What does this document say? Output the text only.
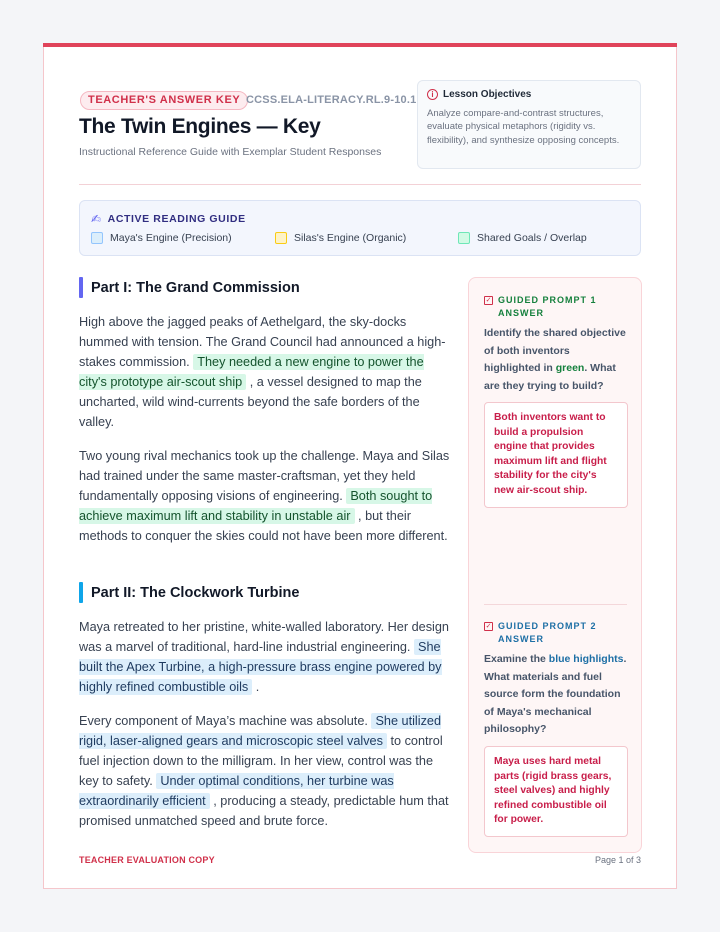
TEACHER'S ANSWER KEY CCSS.ELA-LITERACY.RL.9-10.1
The Twin Engines — Key
Instructional Reference Guide with Exemplar Student Responses
i Lesson Objectives
Analyze compare-and-contrast structures, evaluate physical metaphors (rigidity vs. flexibility), and synthesize opposing concepts.
✍ ACTIVE READING GUIDE
Maya's Engine (Precision)	Silas's Engine (Organic)	Shared Goals / Overlap
Part I: The Grand Commission

High above the jagged peaks of Aethelgard, the sky-docks hummed with tension. The Grand Council had announced a high-stakes commission. They needed a new engine to power the city's prototype air-scout ship , a vessel designed to map the uncharted, wild wind-currents beyond the safe borders of the valley.

Two young rival mechanics took up the challenge. Maya and Silas had trained under the same master-craftsman, yet they held fundamentally opposing visions of engineering. Both sought to achieve maximum lift and stability in unstable air , but their methods to conquer the skies could not have been more different.

Part II: The Clockwork Turbine

Maya retreated to her pristine, white-walled laboratory. Her design was a marvel of traditional, hard-line industrial engineering. She built the Apex Turbine, a high-pressure brass engine powered by highly refined combustible oils .

Every component of Maya’s machine was absolute. She utilized rigid, laser-aligned gears and microscopic steel valves to control fuel injection down to the milligram. In her view, control was the key to safety. Under optimal conditions, her turbine was extraordinarily efficient , producing a steady, predictable hum that promised unmatched speed and brute force.

✓ GUIDED PROMPT 1 ANSWER
Identify the shared objective of both inventors highlighted in green. What are they trying to build?
Both inventors want to build a propulsion engine that provides maximum lift and flight stability for the city's new air-scout ship.
✓ GUIDED PROMPT 2 ANSWER
Examine the blue highlights. What materials and fuel source form the foundation of Maya's mechanical philosophy?
Maya uses hard metal parts (rigid brass gears, steel valves) and highly refined combustible oil for power.
TEACHER EVALUATION COPY	Page 1 of 3
